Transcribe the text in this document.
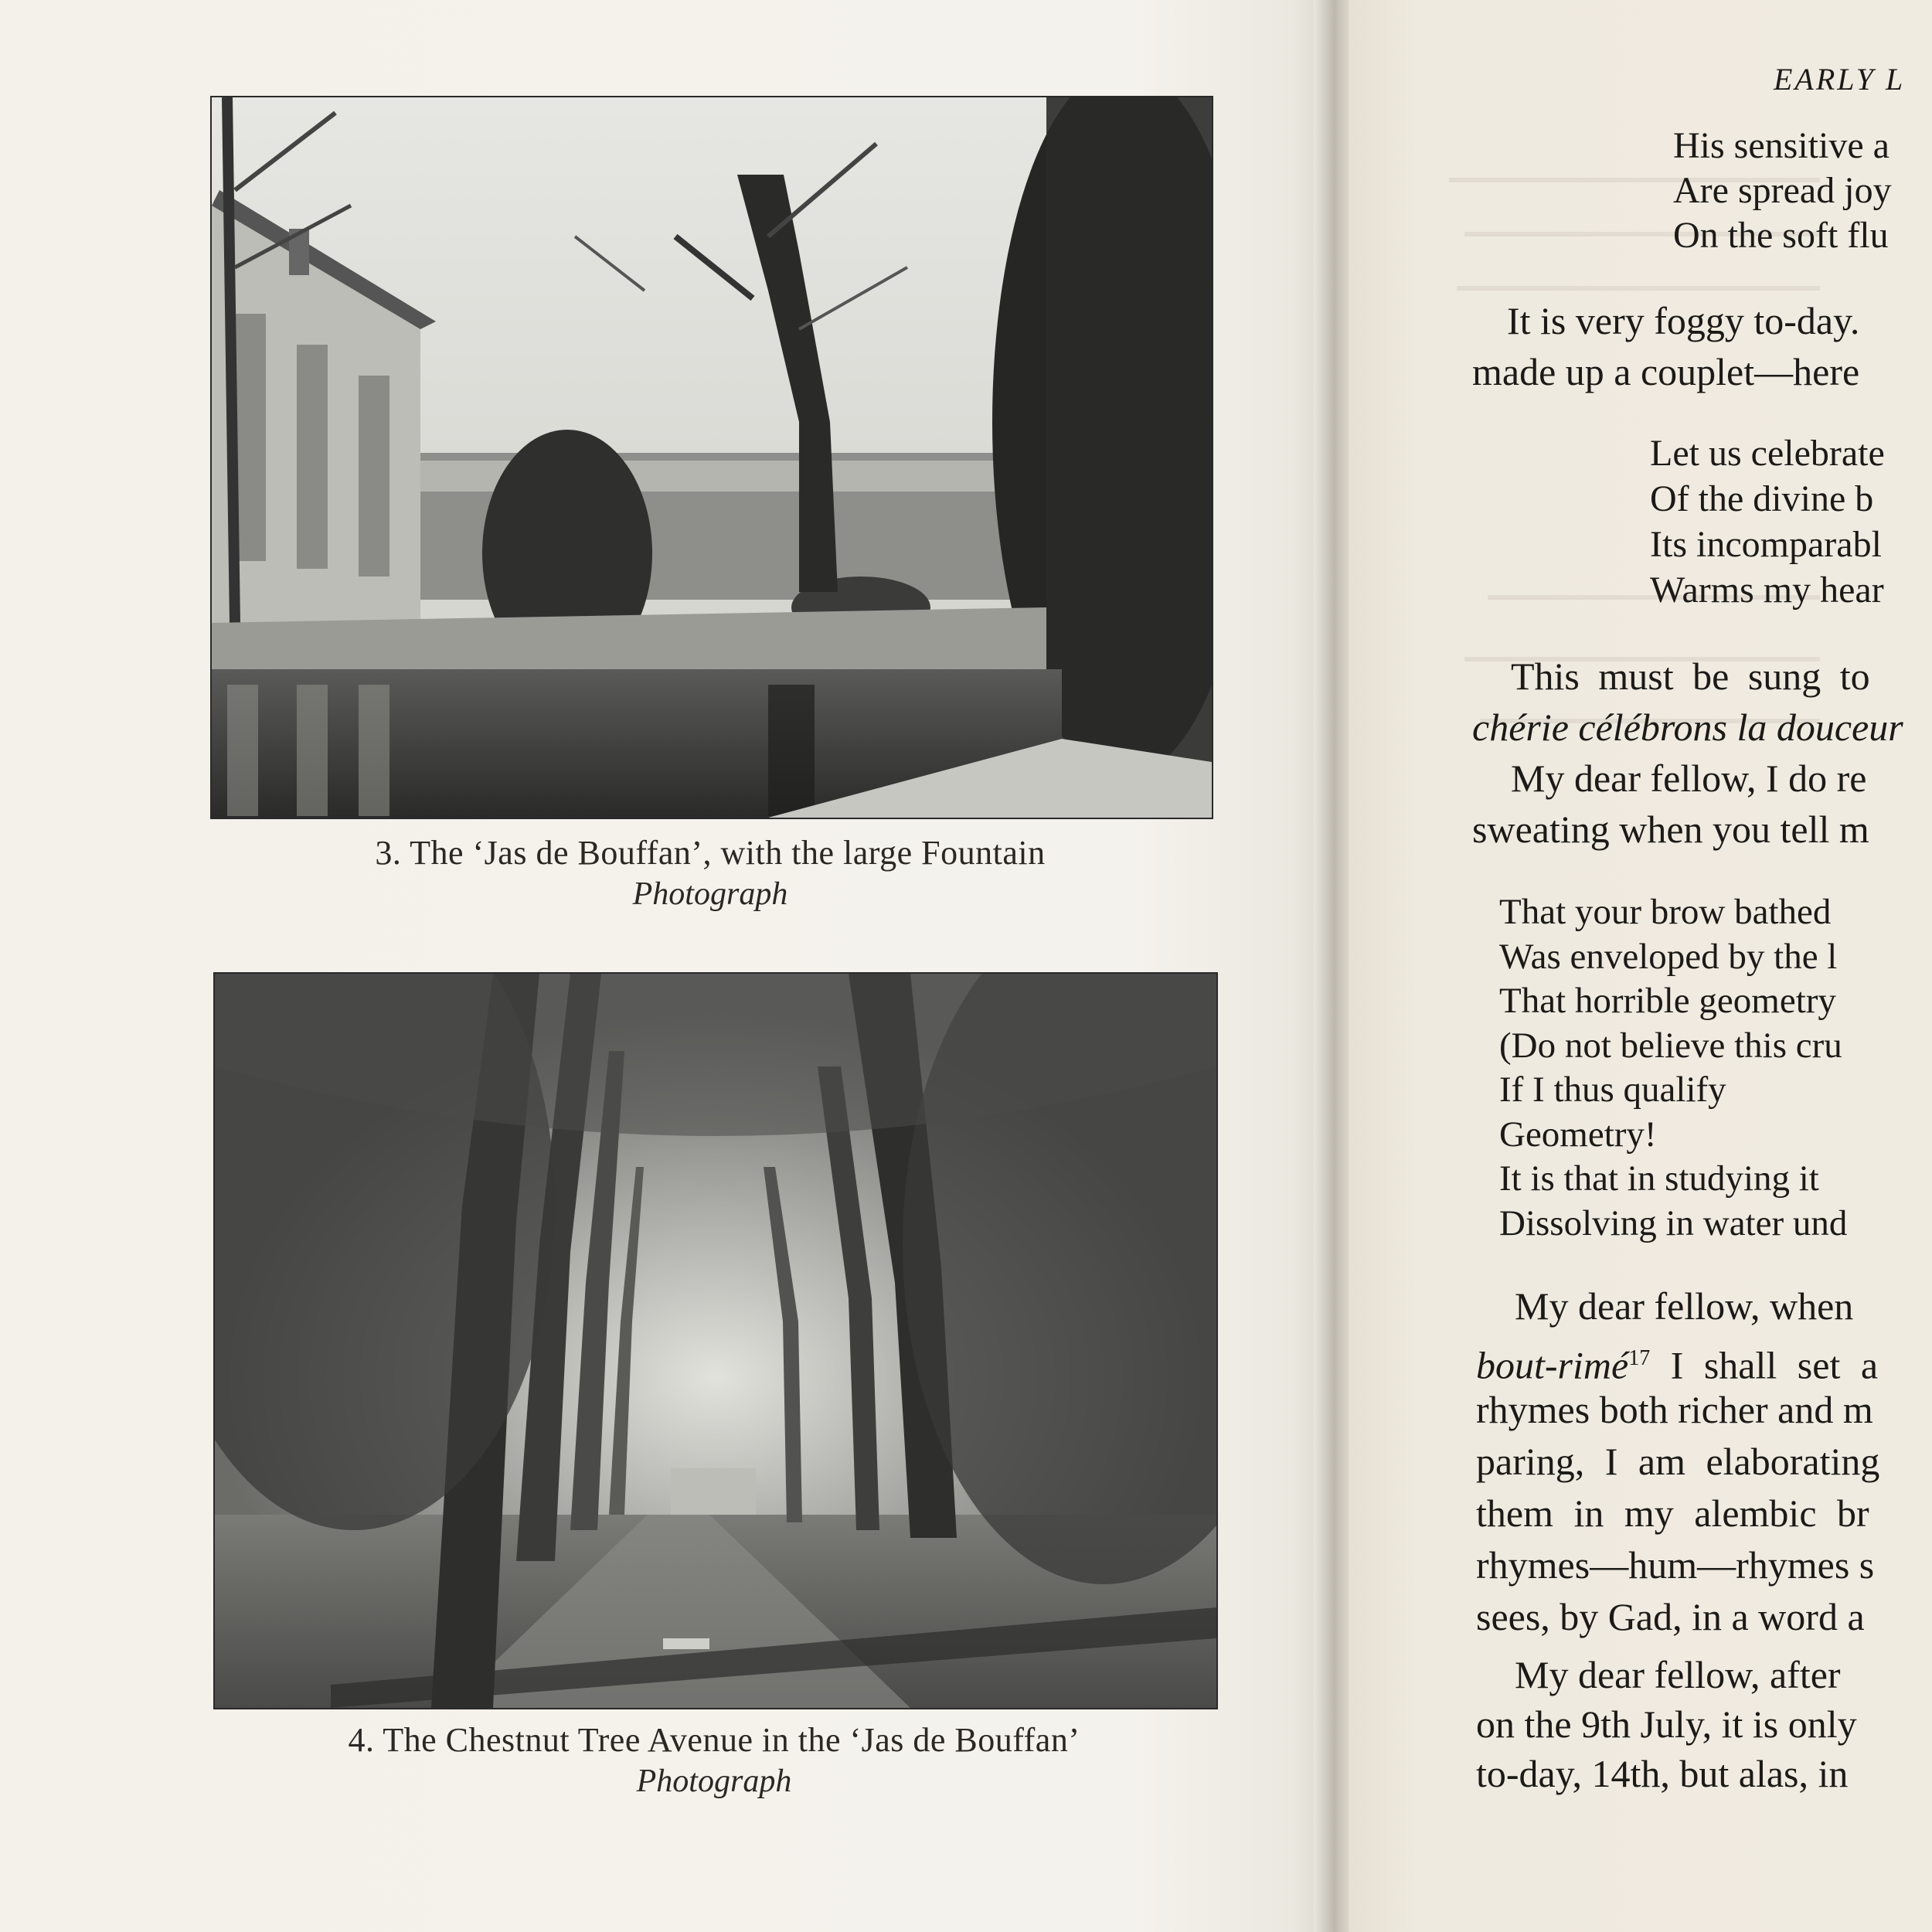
3. The ‘Jas de Bouffan’, with the large Fountain
Photograph
4. The Chestnut Tree Avenue in the ‘Jas de Bouffan’
Photograph
EARLY L
His sensitive a
Are spread joy
On the soft flu
It is very foggy to-day.
made up a couplet—here
Let us celebrate
Of the divine b
Its incomparabl
Warms my hear
This must be sung to
chérie célébrons la douceur
My dear fellow, I do re
sweating when you tell m
That your brow bathed
Was enveloped by the l
That horrible geometry
(Do not believe this cru
If I thus qualify
Geometry!
It is that in studying it
Dissolving in water und
My dear fellow, when
bout-rimé$^{17}$ I shall set a
rhymes both richer and m
paring, I am elaborating
them in my alembic br
rhymes—hum—rhymes s
sees, by Gad, in a word a
My dear fellow, after
on the 9th July, it is only
to-day, 14th, but alas, in
